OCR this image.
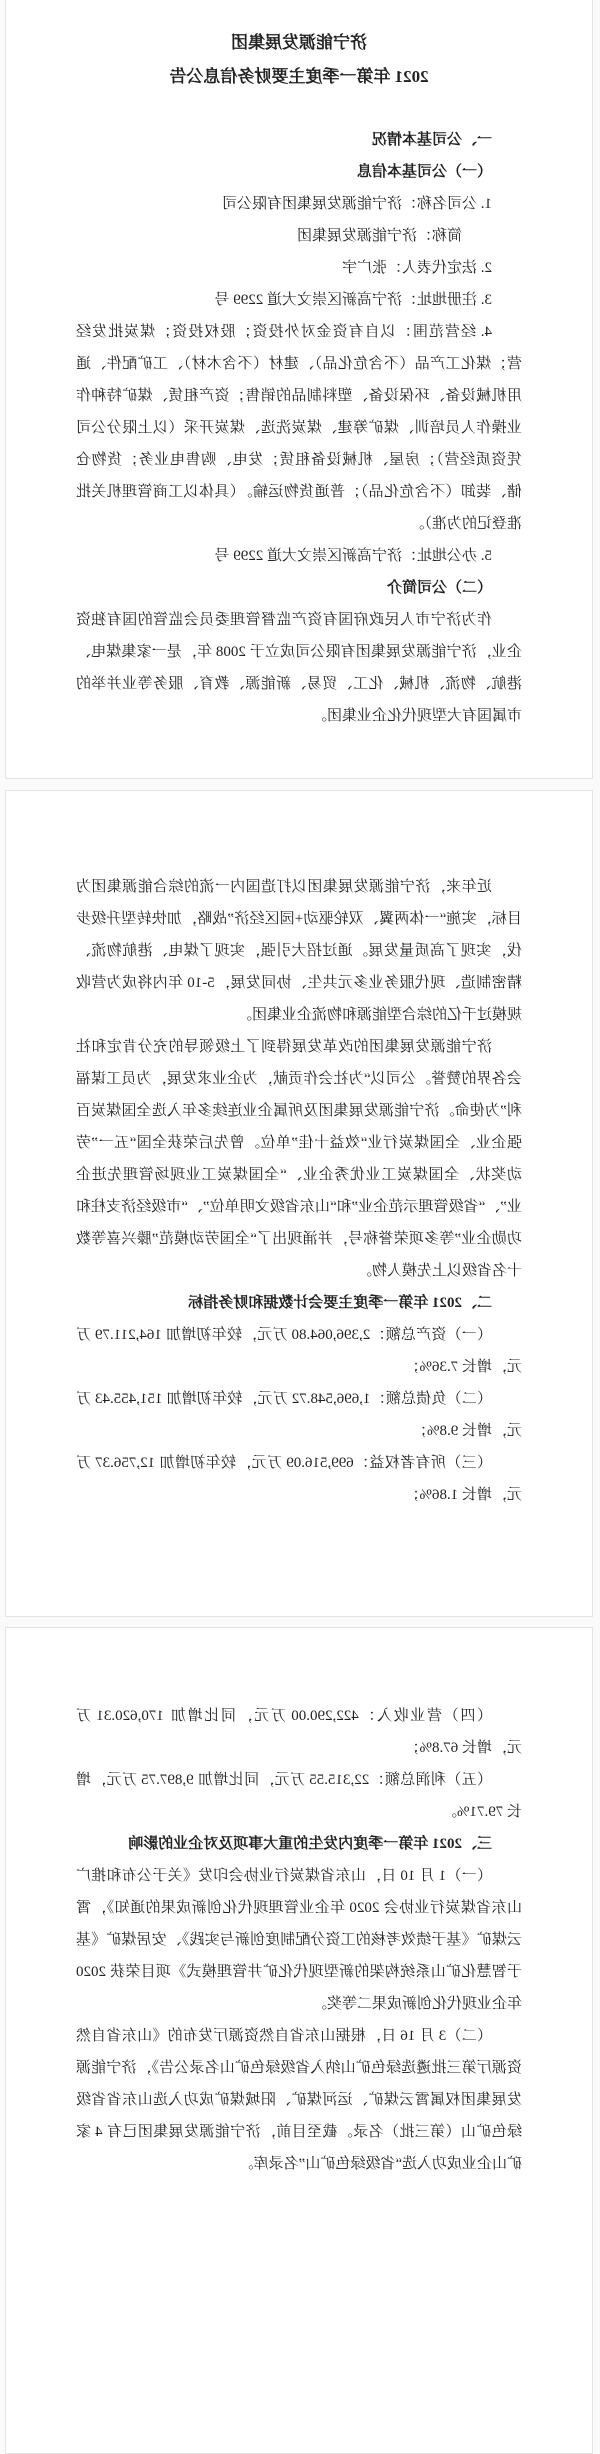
济宁能源发展集团

2021 年第一季度主要财务信息公告

一、公司基本情况

（一）公司基本信息

1. 公司名称：济宁能源发展集团有限公司

简称：济宁能源发展集团

2. 法定代表人：张广宇

3. 注册地址：济宁高新区崇文大道 2299 号

4. 经营范围：以自有资金对外投资；股权投资；煤炭批发经营；煤化工产品（不含危化品）、建材（不含木材）、工矿配件、通用机械设备、环保设备、塑料制品的销售；资产租赁、煤矿特种作业操作人员培训、煤矿筹建、煤炭洗选、煤炭开采（以上限分公司凭资质经营）；房屋、机械设备租赁；发电、购售电业务；货物仓储、装卸（不含危化品）；普通货物运输。（具体以工商管理机关批准登记的为准）。

5. 办公地址：济宁高新区崇文大道 2299 号

（二）公司简介

作为济宁市人民政府国有资产监督管理委员会监管的国有独资企业，济宁能源发展集团有限公司成立于 2008 年，是一家集煤电、港航、物流、机械、化工、贸易、新能源、教育、服务等业并举的市属国有大型现代化企业集团。

近年来，济宁能源发展集团以打造国内一流的综合能源集团为目标，实施“一体两翼、双轮驱动+园区经济”战略，加快转型升级步伐，实现了高质量发展。通过招大引强，实现了煤电、港航物流、精密制造、现代服务业多元共生、协同发展，5-10 年内将成为营收规模过千亿的综合型能源和物流企业集团。

济宁能源发展集团的改革发展得到了上级领导的充分肯定和社会各界的赞誉。公司以“为社会作贡献，为企业求发展，为员工谋福利”为使命。济宁能源发展集团及所属企业连续多年入选全国煤炭百强企业、全国煤炭行业“效益十佳”单位。曾先后荣获全国“五一”劳动奖状、全国煤炭工业优秀企业、“全国煤炭工业现场管理先进企业”、“省级管理示范企业”和“山东省级文明单位”、“市级经济支柱和功勋企业”等多项荣誉称号，并涌现出了“全国劳动模范”滕兴喜等数十名省级以上先模人物。

二、2021 年第一季度主要会计数据和财务指标

（一）资产总额：2,396,064.80 万元，较年初增加 164,211.79 万元，增长 7.36%；

（二）负债总额：1,696,548.72 万元，较年初增加 151,455.43 万元，增长 9.8%；

（三）所有者权益：699,516.09 万元，较年初增加 12,756.37 万元，增长 1.86%；

（四）营业收入：422,290.00 万元，同比增加 170,620.31 万元，增长 67.8%；

（五）利润总额：22,315.55 万元，同比增加 9,897.75 万元，增长 79.71%。

三、2021 年第一季度内发生的重大事项及对企业的影响

（一）1 月 10 日，山东省煤炭行业协会印发《关于公布和推广山东省煤炭行业协会 2020 年企业管理现代化创新成果的通知》，霄云煤矿《基于绩效考核的工资分配制度创新与实践》、安居煤矿《基于智慧化矿山系统构架的新型现代化矿井管理模式》项目荣获 2020 年企业现代化创新成果二等奖。

（二）3 月 16 日，根据山东省自然资源厅发布的《山东省自然资源厅第三批遴选绿色矿山纳入省级绿色矿山名录公告》，济宁能源发展集团权属霄云煤矿、运河煤矿、阳城煤矿成功入选山东省省级绿色矿山（第三批）名录。截至目前，济宁能源发展集团已有 4 家矿山企业成功入选“省级绿色矿山”名录库。
